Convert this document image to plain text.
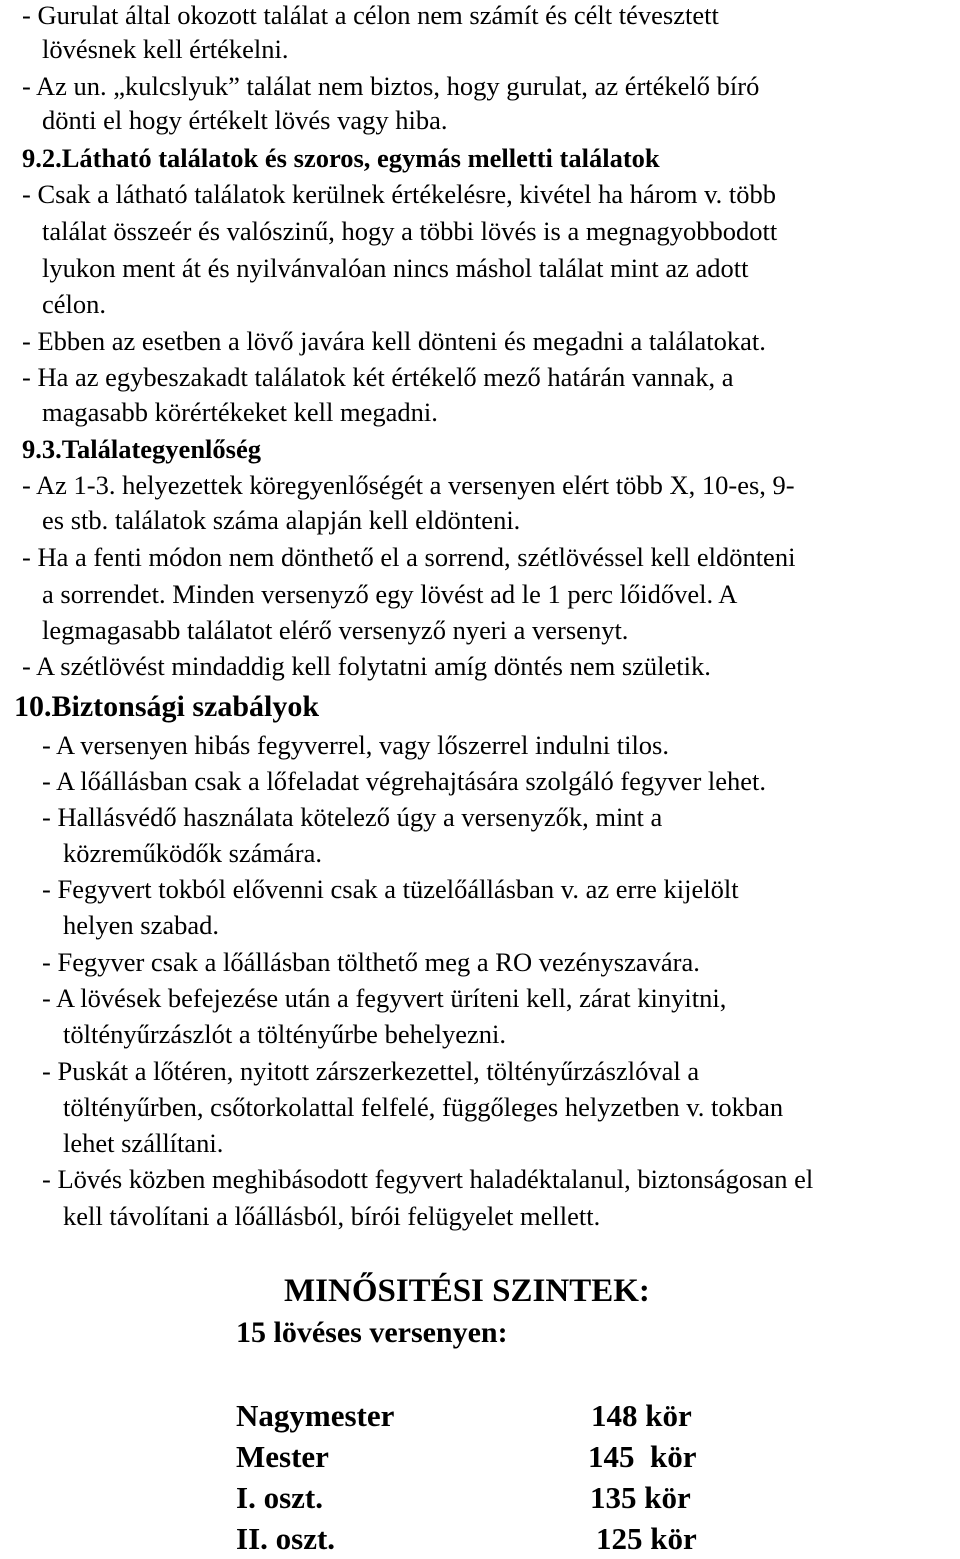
- Gurulat által okozott találat a célon nem számít és célt tévesztett
lövésnek kell értékelni.
- Az un. „kulcslyuk” találat nem biztos, hogy gurulat, az értékelő bíró
dönti el hogy értékelt lövés vagy hiba.
9.2.Látható találatok és szoros, egymás melletti találatok
- Csak a látható találatok kerülnek értékelésre, kivétel ha három v. több
találat összeér és valószinű, hogy a többi lövés is a megnagyobbodott
lyukon ment át és nyilvánvalóan nincs máshol találat mint az adott
célon.
- Ebben az esetben a lövő javára kell dönteni és megadni a találatokat.
- Ha az egybeszakadt találatok két értékelő mező határán vannak, a
magasabb körértékeket kell megadni.
9.3.Találategyenlőség
- Az 1-3. helyezettek köregyenlőségét a versenyen elért több X, 10-es, 9-
es stb. találatok száma alapján kell eldönteni.
- Ha a fenti módon nem dönthető el a sorrend, szétlövéssel kell eldönteni
a sorrendet. Minden versenyző egy lövést ad le 1 perc lőidővel. A
legmagasabb találatot elérő versenyző nyeri a versenyt.
- A szétlövést mindaddig kell folytatni amíg döntés nem születik.
10.Biztonsági szabályok
- A versenyen hibás fegyverrel, vagy lőszerrel indulni tilos.
- A lőállásban csak a lőfeladat végrehajtására szolgáló fegyver lehet.
- Hallásvédő használata kötelező úgy a versenyzők, mint a
közreműködők számára.
- Fegyvert tokból elővenni csak a tüzelőállásban v. az erre kijelölt
helyen szabad.
- Fegyver csak a lőállásban tölthető meg a RO vezényszavára.
- A lövések befejezése után a fegyvert üríteni kell, zárat kinyitni,
töltényűrzászlót a töltényűrbe behelyezni.
- Puskát a lőtéren, nyitott zárszerkezettel, töltényűrzászlóval a
töltényűrben, csőtorkolattal felfelé, függőleges helyzetben v. tokban
lehet szállítani.
- Lövés közben meghibásodott fegyvert haladéktalanul, biztonságosan el
kell távolítani a lőállásból, bírói felügyelet mellett.
MINŐSITÉSI SZINTEK:
15 lövéses versenyen:
Nagymester	148 kör
Mester	145  kör
I. oszt.	135 kör
II. oszt.	125 kör
